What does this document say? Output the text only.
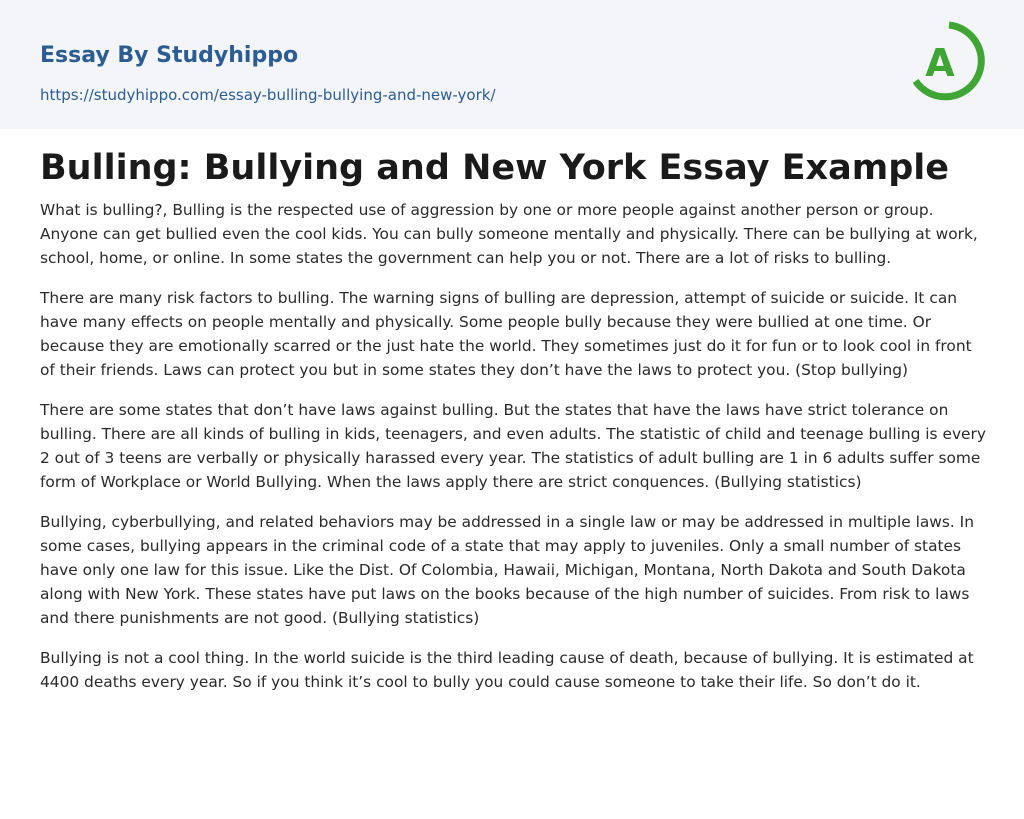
Essay By Studyhippo
https://studyhippo.com/essay-bulling-bullying-and-new-york/
A
Bulling: Bullying and New York Essay Example

What is bulling?, Bulling is the respected use of aggression by one or more people against another person or group. Anyone can get bullied even the cool kids. You can bully someone mentally and physically. There can be bullying at work, school, home, or online. In some states the government can help you or not. There are a lot of risks to bulling.

There are many risk factors to bulling. The warning signs of bulling are depression, attempt of suicide or suicide. It can have many effects on people mentally and physically. Some people bully because they were bullied at one time. Or because they are emotionally scarred or the just hate the world. They sometimes just do it for fun or to look cool in front of their friends. Laws can protect you but in some states they don’t have the laws to protect you. (Stop bullying)

There are some states that don’t have laws against bulling. But the states that have the laws have strict tolerance on bulling. There are all kinds of bulling in kids, teenagers, and even adults. The statistic of child and teenage bulling is every 2 out of 3 teens are verbally or physically harassed every year. The statistics of adult bulling are 1 in 6 adults suffer some form of Workplace or World Bullying. When the laws apply there are strict conquences. (Bullying statistics)

Bullying, cyberbullying, and related behaviors may be addressed in a single law or may be addressed in multiple laws. In some cases, bullying appears in the criminal code of a state that may apply to juveniles. Only a small number of states have only one law for this issue. Like the Dist. Of Colombia, Hawaii, Michigan, Montana, North Dakota and South Dakota along with New York. These states have put laws on the books because of the high number of suicides. From risk to laws and there punishments are not good. (Bullying statistics)

Bullying is not a cool thing. In the world suicide is the third leading cause of death, because of bullying. It is estimated at 4400 deaths every year. So if you think it’s cool to bully you could cause someone to take their life. So don’t do it.
